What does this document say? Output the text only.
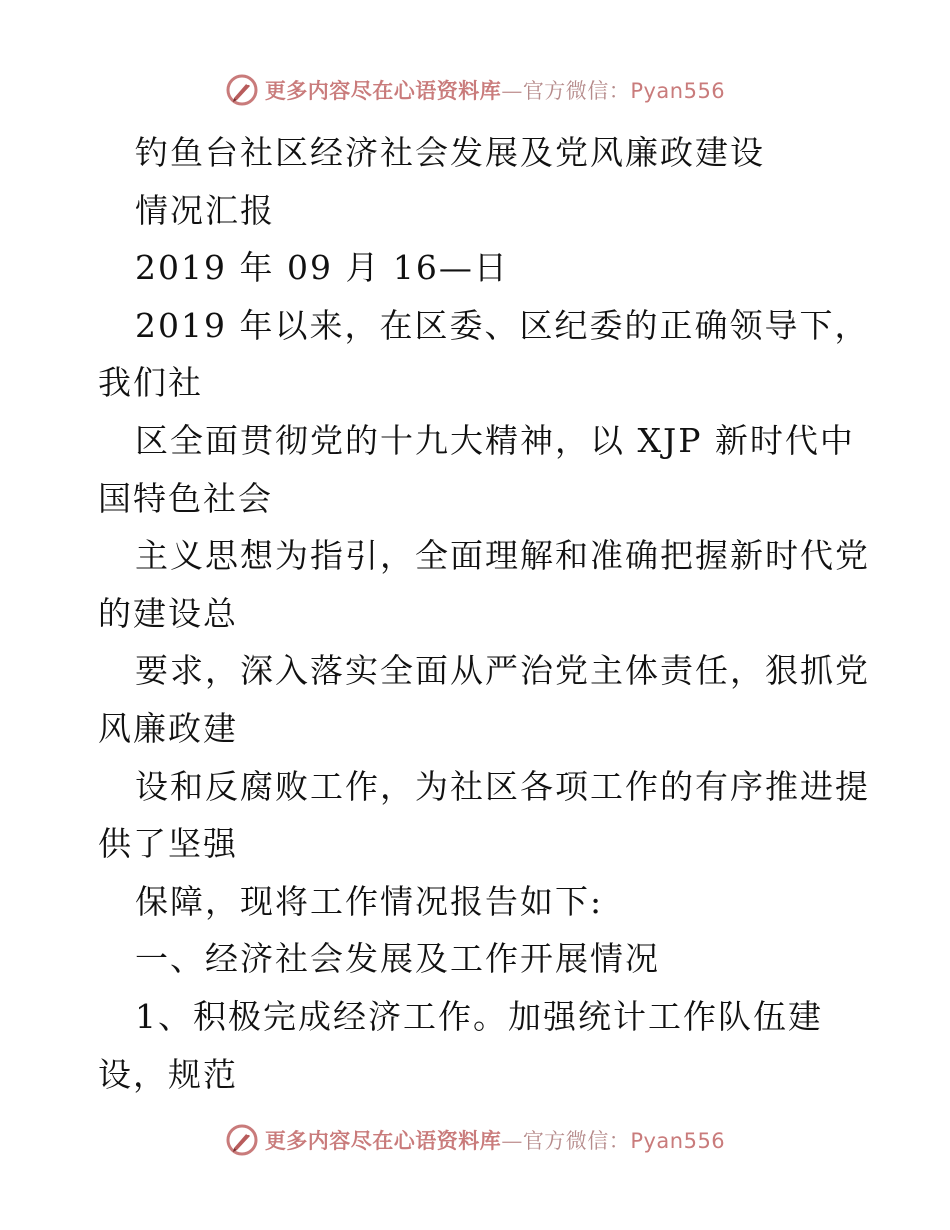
更多内容尽在心语资料库—官方微信：Pyan556
钓鱼台社区经济社会发展及党风廉政建设
情况汇报
2019 年 09 月 16—日
2019 年以来，在区委、区纪委的正确领导下，
我们社
区全面贯彻党的十九大精神，以 XJP 新时代中
国特色社会
主义思想为指引，全面理解和准确把握新时代党
的建设总
要求，深入落实全面从严治党主体责任，狠抓党
风廉政建
设和反腐败工作，为社区各项工作的有序推进提
供了坚强
保障，现将工作情况报告如下:
一、经济社会发展及工作开展情况
1、积极完成经济工作。加强统计工作队伍建
设，规范
更多内容尽在心语资料库—官方微信：Pyan556
